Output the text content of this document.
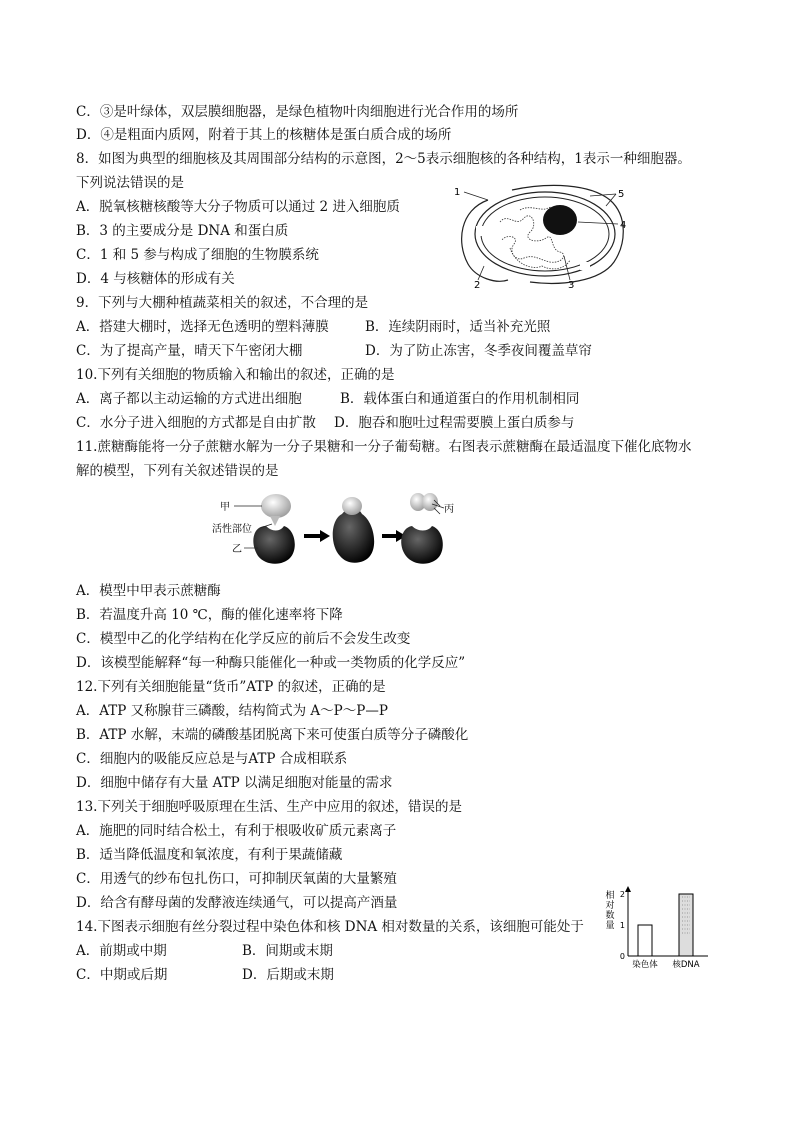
C．③是叶绿体，双层膜细胞器，是绿色植物叶肉细胞进行光合作用的场所
D．④是粗面内质网，附着于其上的核糖体是蛋白质合成的场所
8．如图为典型的细胞核及其周围部分结构的示意图，2～5表示细胞核的各种结构，1表示一种细胞器。
下列说法错误的是
A．脱氧核糖核酸等大分子物质可以通过 2 进入细胞质
B．3 的主要成分是 DNA 和蛋白质
C．1 和 5 参与构成了细胞的生物膜系统
D．4 与核糖体的形成有关
1	5
4
2	3
9．下列与大棚种植蔬菜相关的叙述，不合理的是
A．搭建大棚时，选择无色透明的塑料薄膜	B．连续阴雨时，适当补充光照
C．为了提高产量，晴天下午密闭大棚	D．为了防止冻害，冬季夜间覆盖草帘
10.下列有关细胞的物质输入和输出的叙述，正确的是
A．离子都以主动运输的方式进出细胞	B．载体蛋白和通道蛋白的作用机制相同
C．水分子进入细胞的方式都是自由扩散 D．胞吞和胞吐过程需要膜上蛋白质参与
11.蔗糖酶能将一分子蔗糖水解为一分子果糖和一分子葡萄糖。右图表示蔗糖酶在最适温度下催化底物水
解的模型，下列有关叙述错误的是
甲
活性部位
乙
丙
A．模型中甲表示蔗糖酶
B．若温度升高 10 ℃，酶的催化速率将下降
C．模型中乙的化学结构在化学反应的前后不会发生改变
D．该模型能解释“每一种酶只能催化一种或一类物质的化学反应”
12.下列有关细胞能量“货币”ATP 的叙述，正确的是
A．ATP 又称腺苷三磷酸，结构简式为 A～P～P—P
B．ATP 水解，末端的磷酸基团脱离下来可使蛋白质等分子磷酸化
C．细胞内的吸能反应总是与ATP 合成相联系
D．细胞中储存有大量 ATP 以满足细胞对能量的需求
13.下列关于细胞呼吸原理在生活、生产中应用的叙述，错误的是
A．施肥的同时结合松土，有利于根吸收矿质元素离子
B．适当降低温度和氧浓度，有利于果蔬储藏
C．用透气的纱布包扎伤口，可抑制厌氧菌的大量繁殖
D．给含有酵母菌的发酵液连续通气，可以提高产酒量
14.下图表示细胞有丝分裂过程中染色体和核 DNA 相对数量的关系，该细胞可能处于
A．前期或中期	B．间期或末期
C．中期或后期	D．后期或末期
0
1
2
相
对
数
量
染色体 核DNA
